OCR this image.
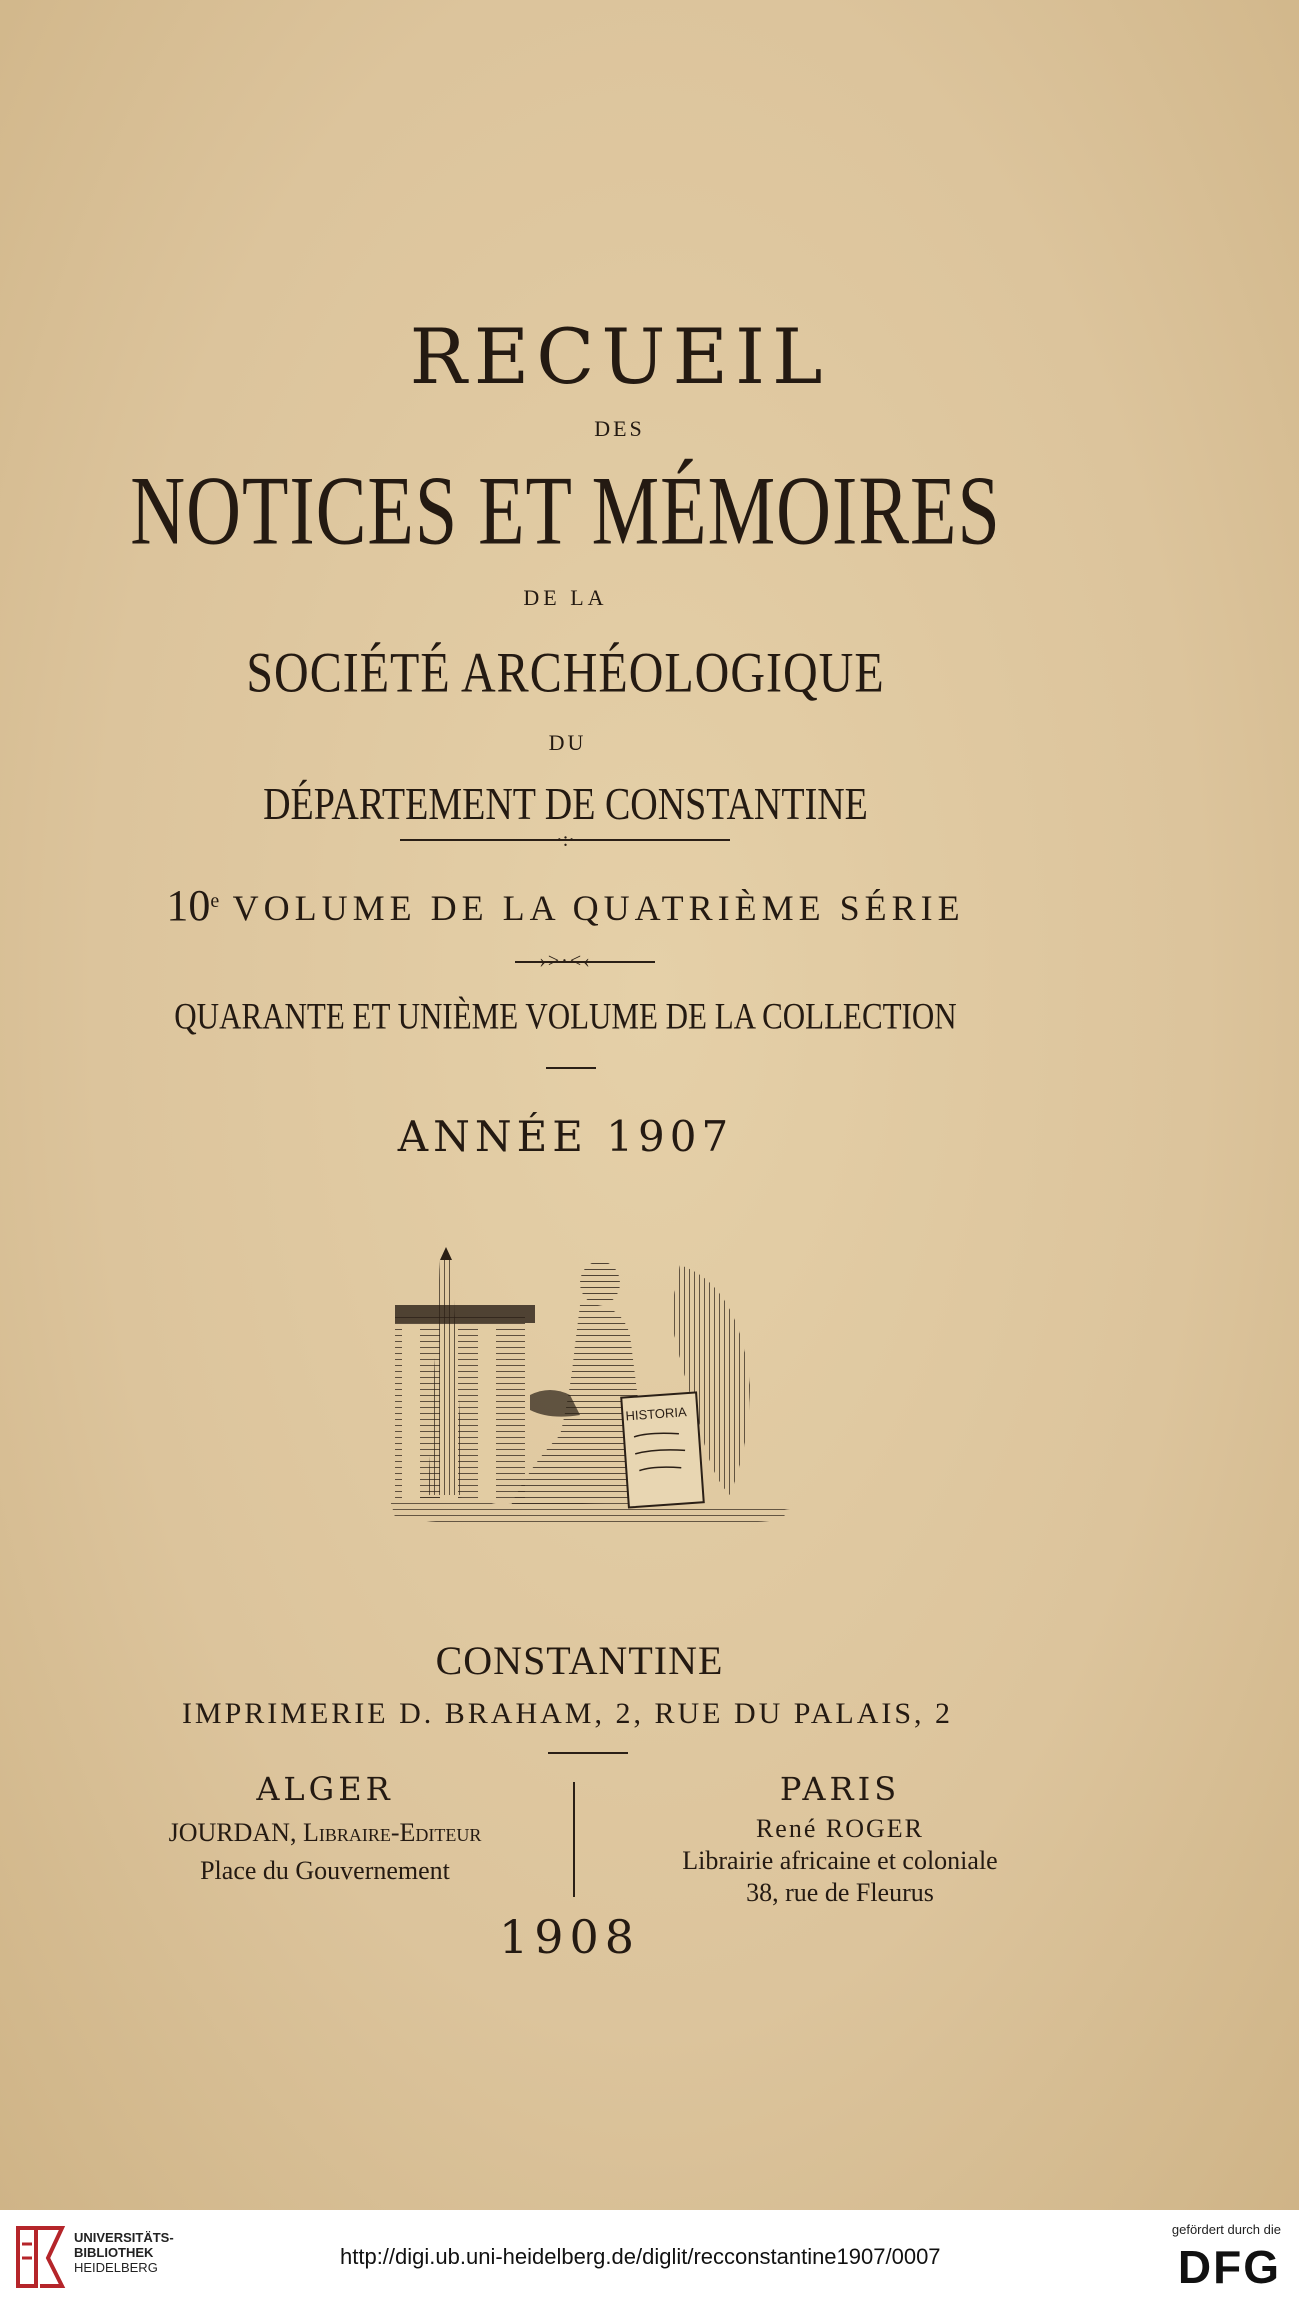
RECUEIL
DES
NOTICES ET MÉMOIRES
DE LA
SOCIÉTÉ ARCHÉOLOGIQUE
DU
DÉPARTEMENT DE CONSTANTINE
·:·
$10^e$ VOLUME DE LA QUATRIÈME SÉRIE
›>·<‹
QUARANTE ET UNIÈME VOLUME DE LA COLLECTION
ANNÉE 1907
HISTORIA
CONSTANTINE
IMPRIMERIE D. BRAHAM, 2, RUE DU PALAIS, 2
ALGER
JOURDAN, Libraire-Editeur
Place du Gouvernement
PARIS
René ROGER
Librairie africaine et coloniale
38, rue de Fleurus
1908
UNIVERSITÄTS-
BIBLIOTHEK
HEIDELBERG	http://digi.ub.uni-heidelberg.de/diglit/recconstantine1907/0007
gefördert durch die
DFG
